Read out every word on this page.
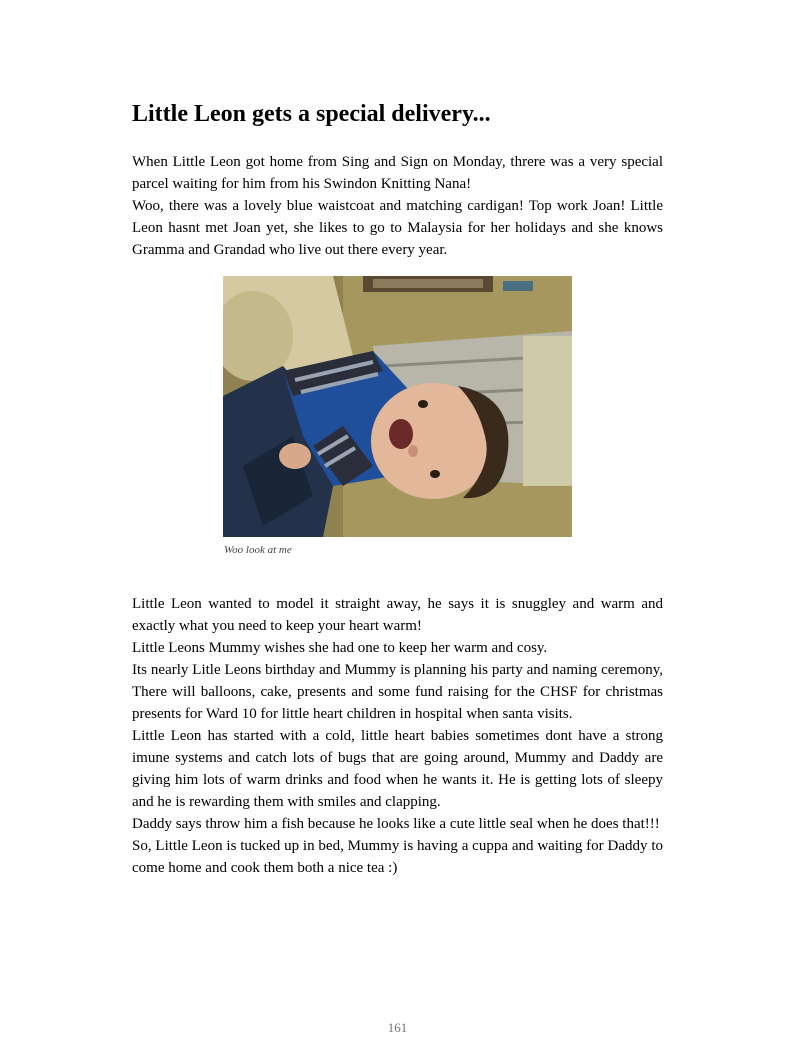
Little Leon gets a special delivery...

When Little Leon got home from Sing and Sign on Monday, threre was a very special parcel waiting for him from his Swindon Knitting Nana!

Woo, there was a lovely blue waistcoat and matching cardigan! Top work Joan! Little Leon hasnt met Joan yet, she likes to go to Malaysia for her holidays and she knows Gramma and Grandad who live out there every year.

Woo look at me

Little Leon wanted to model it straight away, he says it is snuggley and warm and exactly what you need to keep your heart warm!

Little Leons Mummy wishes she had one to keep her warm and cosy.

Its nearly Litle Leons birthday and Mummy is planning his party and naming ceremony, There will balloons, cake, presents and some fund raising for the CHSF for christmas presents for Ward 10 for little heart children in hospital when santa visits.

Little Leon has started with a cold, little heart babies sometimes dont have a strong imune systems and catch lots of bugs that are going around, Mummy and Daddy are giving him lots of warm drinks and food when he wants it. He is getting lots of sleepy and he is rewarding them with smiles and clapping.

Daddy says throw him a fish because he looks like a cute little seal when he does that!!!

So, Little Leon is tucked up in bed, Mummy is having a cuppa and waiting for Daddy to come home and cook them both a nice tea :)

161
